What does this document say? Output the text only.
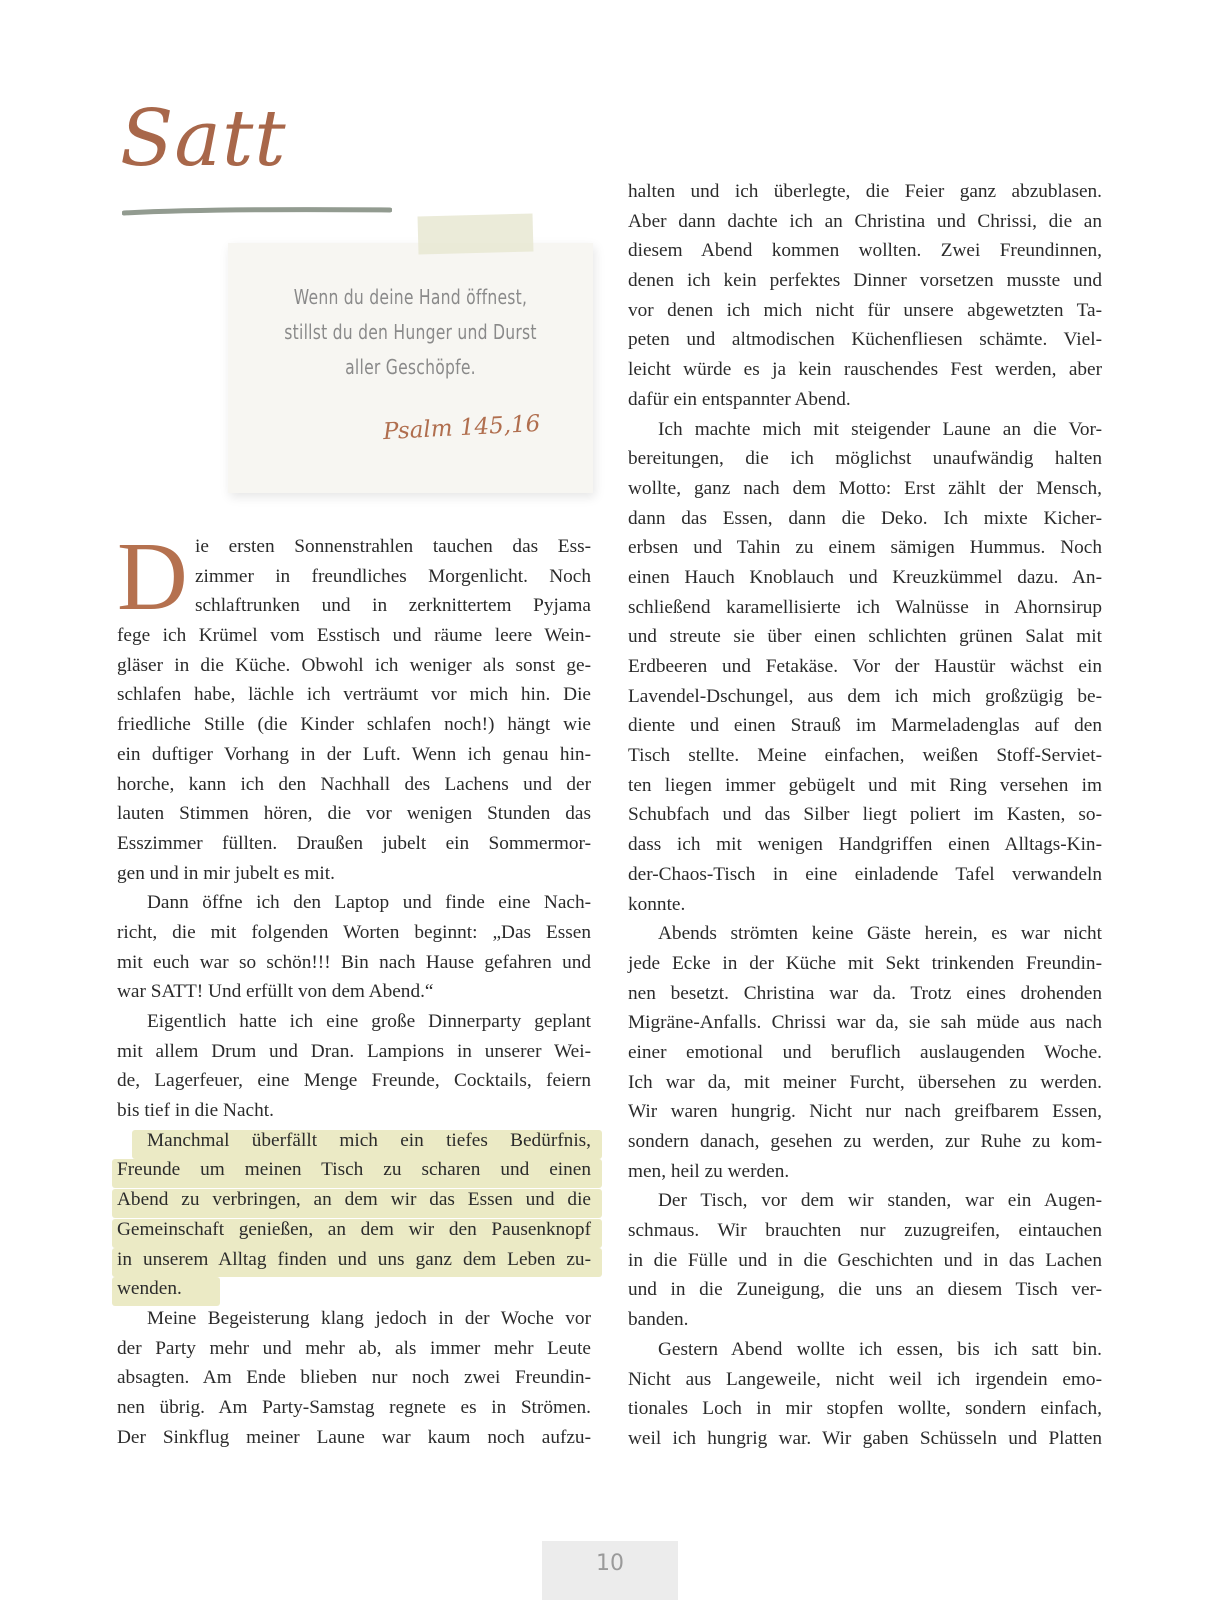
Satt
Wenn du deine Hand öffnest,
stillst du den Hunger und Durst
aller Geschöpfe.
Psalm 145,16
D ie ersten Sonnenstrahlen tauchen das Ess-
zimmer in freundliches Morgenlicht. Noch
schlaftrunken und in zerknittertem Pyjama
fege ich Krümel vom Esstisch und räume leere Wein-
gläser in die Küche. Obwohl ich weniger als sonst ge-
schlafen habe, lächle ich verträumt vor mich hin. Die
friedliche Stille (die Kinder schlafen noch!) hängt wie
ein duftiger Vorhang in der Luft. Wenn ich genau hin-
horche, kann ich den Nachhall des Lachens und der
lauten Stimmen hören, die vor wenigen Stunden das
Esszimmer füllten. Draußen jubelt ein Sommermor-
gen und in mir jubelt es mit.
Dann öffne ich den Laptop und finde eine Nach-
richt, die mit folgenden Worten beginnt: „Das Essen
mit euch war so schön!!! Bin nach Hause gefahren und
war SATT! Und erfüllt von dem Abend.“
Eigentlich hatte ich eine große Dinnerparty geplant
mit allem Drum und Dran. Lampions in unserer Wei-
de, Lagerfeuer, eine Menge Freunde, Cocktails, feiern
bis tief in die Nacht.
Manchmal überfällt mich ein tiefes Bedürfnis,
Freunde um meinen Tisch zu scharen und einen
Abend zu verbringen, an dem wir das Essen und die
Gemeinschaft genießen, an dem wir den Pausenknopf
in unserem Alltag finden und uns ganz dem Leben zu-
wenden.
Meine Begeisterung klang jedoch in der Woche vor
der Party mehr und mehr ab, als immer mehr Leute
absagten. Am Ende blieben nur noch zwei Freundin-
nen übrig. Am Party-Samstag regnete es in Strömen.
Der Sinkflug meiner Laune war kaum noch aufzu-
halten und ich überlegte, die Feier ganz abzublasen.
Aber dann dachte ich an Christina und Chrissi, die an
diesem Abend kommen wollten. Zwei Freundinnen,
denen ich kein perfektes Dinner vorsetzen musste und
vor denen ich mich nicht für unsere abgewetzten Ta-
peten und altmodischen Küchenfliesen schämte. Viel-
leicht würde es ja kein rauschendes Fest werden, aber
dafür ein entspannter Abend.
Ich machte mich mit steigender Laune an die Vor-
bereitungen, die ich möglichst unaufwändig halten
wollte, ganz nach dem Motto: Erst zählt der Mensch,
dann das Essen, dann die Deko. Ich mixte Kicher-
erbsen und Tahin zu einem sämigen Hummus. Noch
einen Hauch Knoblauch und Kreuzkümmel dazu. An-
schließend karamellisierte ich Walnüsse in Ahornsirup
und streute sie über einen schlichten grünen Salat mit
Erdbeeren und Fetakäse. Vor der Haustür wächst ein
Lavendel-Dschungel, aus dem ich mich großzügig be-
diente und einen Strauß im Marmeladenglas auf den
Tisch stellte. Meine einfachen, weißen Stoff-Serviet-
ten liegen immer gebügelt und mit Ring versehen im
Schubfach und das Silber liegt poliert im Kasten, so-
dass ich mit wenigen Handgriffen einen Alltags-Kin-
der-Chaos-Tisch in eine einladende Tafel verwandeln
konnte.
Abends strömten keine Gäste herein, es war nicht
jede Ecke in der Küche mit Sekt trinkenden Freundin-
nen besetzt. Christina war da. Trotz eines drohenden
Migräne-Anfalls. Chrissi war da, sie sah müde aus nach
einer emotional und beruflich auslaugenden Woche.
Ich war da, mit meiner Furcht, übersehen zu werden.
Wir waren hungrig. Nicht nur nach greifbarem Essen,
sondern danach, gesehen zu werden, zur Ruhe zu kom-
men, heil zu werden.
Der Tisch, vor dem wir standen, war ein Augen-
schmaus. Wir brauchten nur zuzugreifen, eintauchen
in die Fülle und in die Geschichten und in das Lachen
und in die Zuneigung, die uns an diesem Tisch ver-
banden.
Gestern Abend wollte ich essen, bis ich satt bin.
Nicht aus Langeweile, nicht weil ich irgendein emo-
tionales Loch in mir stopfen wollte, sondern einfach,
weil ich hungrig war. Wir gaben Schüsseln und Platten
10
